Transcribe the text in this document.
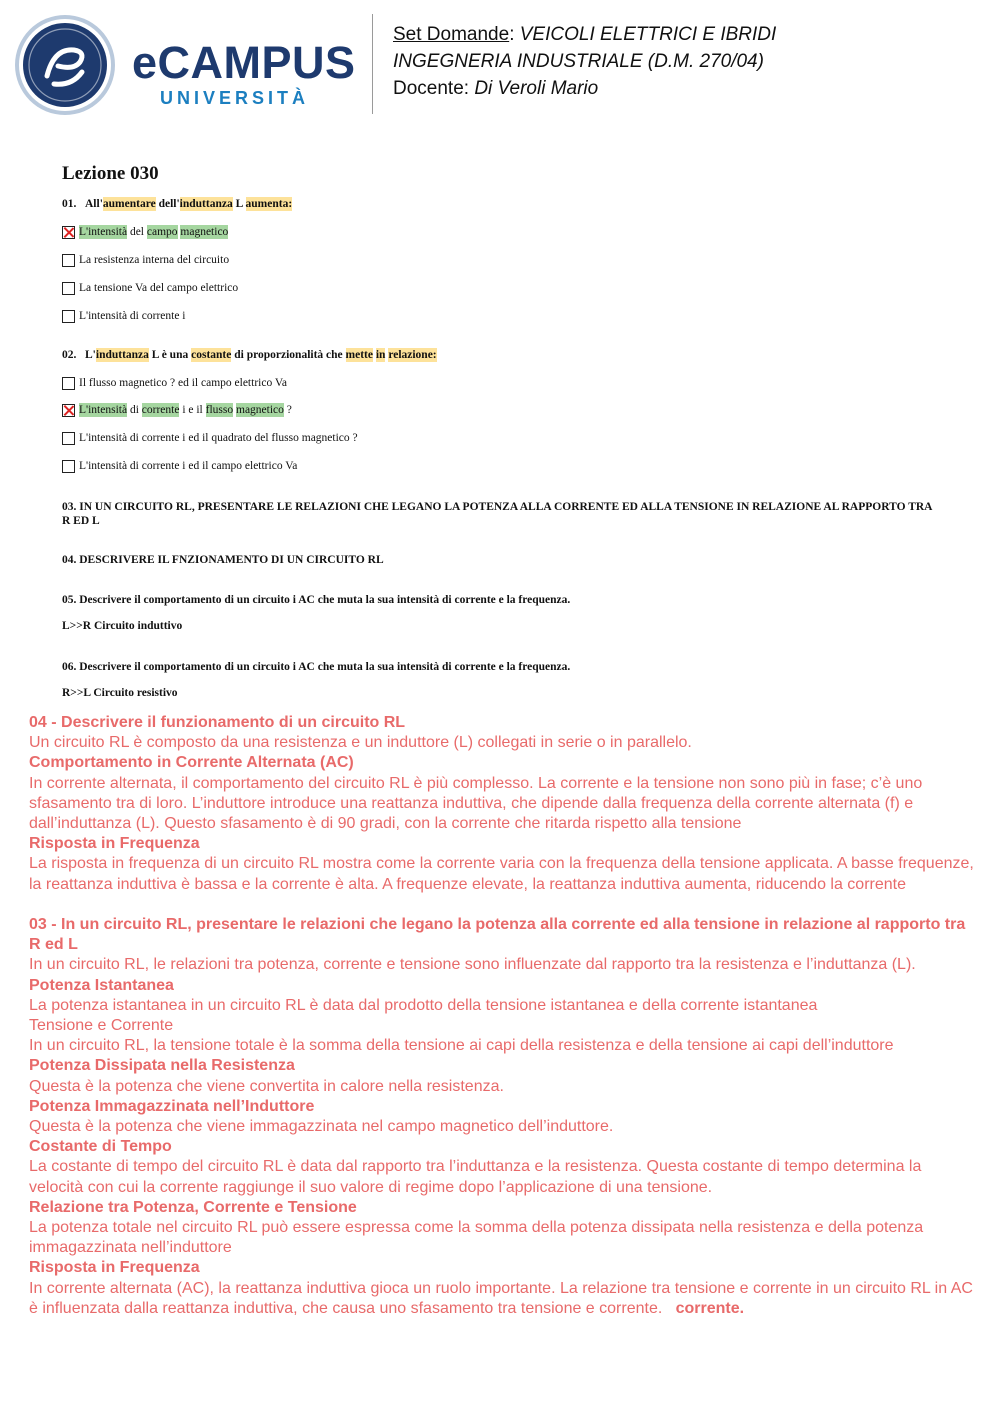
eCAMPUS
UNIVERSITÀ
Set Domande: VEICOLI ELETTRICI E IBRIDI
INGEGNERIA INDUSTRIALE (D.M. 270/04)
Docente: Di Veroli Mario
Lezione 030
01. All'aumentare dell'induttanza L aumenta:
L'intensità del campo magnetico
La resistenza interna del circuito
La tensione Va del campo elettrico
L'intensità di corrente i
02. L'induttanza L è una costante di proporzionalità che mette in relazione:
Il flusso magnetico ? ed il campo elettrico Va
L'intensità di corrente i e il flusso magnetico ?
L'intensità di corrente i ed il quadrato del flusso magnetico ?
L'intensità di corrente i ed il campo elettrico Va
03. IN UN CIRCUITO RL, PRESENTARE LE RELAZIONI CHE LEGANO LA POTENZA ALLA CORRENTE ED ALLA TENSIONE IN RELAZIONE AL RAPPORTO TRA R ED L
04. DESCRIVERE IL FNZIONAMENTO DI UN CIRCUITO RL
05. Descrivere il comportamento di un circuito i AC che muta la sua intensità di corrente e la frequenza.
L>>R Circuito induttivo
06. Descrivere il comportamento di un circuito i AC che muta la sua intensità di corrente e la frequenza.
R>>L Circuito resistivo

04 - Descrivere il funzionamento di un circuito RL

Un circuito RL è composto da una resistenza e un induttore (L) collegati in serie o in parallelo.

Comportamento in Corrente Alternata (AC)

In corrente alternata, il comportamento del circuito RL è più complesso. La corrente e la tensione non sono più in fase; c’è uno sfasamento tra di loro. L’induttore introduce una reattanza induttiva, che dipende dalla frequenza della corrente alternata (f) e dall’induttanza (L). Questo sfasamento è di 90 gradi, con la corrente che ritarda rispetto alla tensione

Risposta in Frequenza

La risposta in frequenza di un circuito RL mostra come la corrente varia con la frequenza della tensione applicata. A basse frequenze, la reattanza induttiva è bassa e la corrente è alta. A frequenze elevate, la reattanza induttiva aumenta, riducendo la corrente

03 - In un circuito RL, presentare le relazioni che legano la potenza alla corrente ed alla tensione in relazione al rapporto tra R ed L

In un circuito RL, le relazioni tra potenza, corrente e tensione sono influenzate dal rapporto tra la resistenza e l’induttanza (L).

Potenza Istantanea

La potenza istantanea in un circuito RL è data dal prodotto della tensione istantanea e della corrente istantanea

Tensione e Corrente

In un circuito RL, la tensione totale è la somma della tensione ai capi della resistenza e della tensione ai capi dell’induttore

Potenza Dissipata nella Resistenza

Questa è la potenza che viene convertita in calore nella resistenza.

Potenza Immagazzinata nell’Induttore

Questa è la potenza che viene immagazzinata nel campo magnetico dell’induttore.

Costante di Tempo

La costante di tempo del circuito RL è data dal rapporto tra l’induttanza e la resistenza. Questa costante di tempo determina la velocità con cui la corrente raggiunge il suo valore di regime dopo l’applicazione di una tensione.

Relazione tra Potenza, Corrente e Tensione

La potenza totale nel circuito RL può essere espressa come la somma della potenza dissipata nella resistenza e della potenza immagazzinata nell’induttore

Risposta in Frequenza

In corrente alternata (AC), la reattanza induttiva gioca un ruolo importante. La relazione tra tensione e corrente in un circuito RL in AC è influenzata dalla reattanza induttiva, che causa uno sfasamento tra tensione e corrente.   corrente.
